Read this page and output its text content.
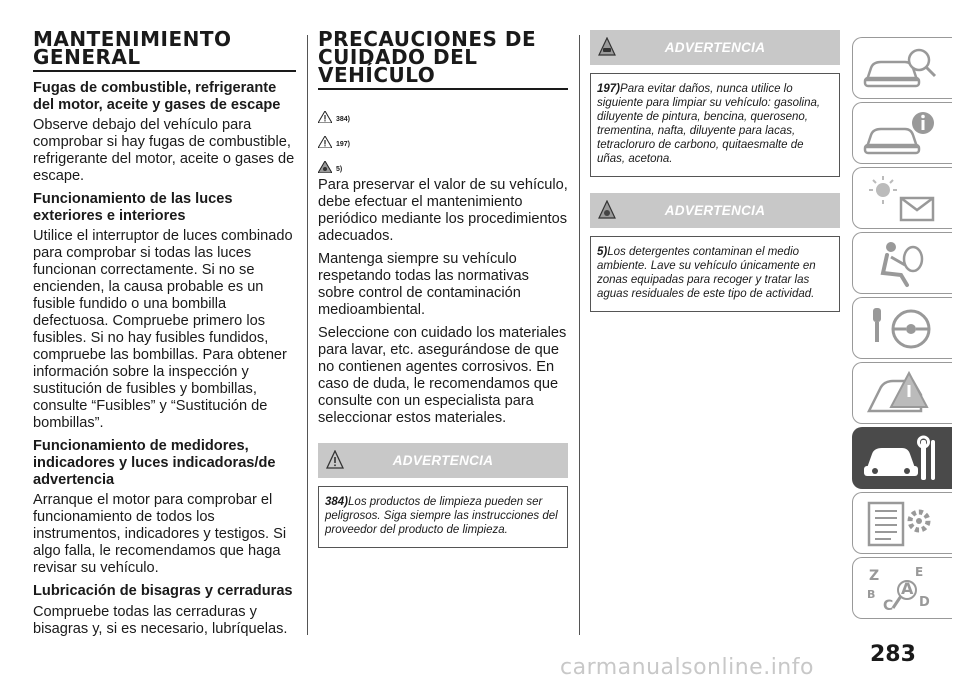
MANTENIMIENTO GENERAL
Fugas de combustible, refrigerante del motor, aceite y gases de escape
Observe debajo del vehículo para comprobar si hay fugas de combustible, refrigerante del motor, aceite o gases de escape.
Funcionamiento de las luces exteriores e interiores
Utilice el interruptor de luces combinado para comprobar si todas las luces funcionan correctamente. Si no se encienden, la causa probable es un fusible fundido o una bombilla defectuosa. Compruebe primero los fusibles. Si no hay fusibles fundidos, compruebe las bombillas. Para obtener información sobre la inspección y sustitución de fusibles y bombillas, consulte “Fusibles” y “Sustitución de bombillas”.
Funcionamiento de medidores, indicadores y luces indicadoras/de advertencia
Arranque el motor para comprobar el funcionamiento de todos los instrumentos, indicadores y testigos. Si algo falla, le recomendamos que haga revisar su vehículo.
Lubricación de bisagras y cerraduras
Compruebe todas las cerraduras y bisagras y, si es necesario, lubríquelas.
PRECAUCIONES DE CUIDADO DEL VEHÍCULO
384)
197)
5)
Para preservar el valor de su vehículo, debe efectuar el mantenimiento periódico mediante los procedimientos adecuados.
Mantenga siempre su vehículo respetando todas las normativas sobre control de contaminación medioambiental.
Seleccione con cuidado los materiales para lavar, etc. asegurándose de que no contienen agentes corrosivos. En caso de duda, le recomendamos que consulte con un especialista para seleccionar estos materiales.
ADVERTENCIA
384)Los productos de limpieza pueden ser peligrosos. Siga siempre las instrucciones del proveedor del producto de limpieza.
ADVERTENCIA
197)Para evitar daños, nunca utilice lo siguiente para limpiar su vehículo: gasolina, diluyente de pintura, bencina, queroseno, trementina, nafta, diluyente para lacas, tetracloruro de carbono, quitaesmalte de uñas, acetona.
ADVERTENCIA
5)Los detergentes contaminan el medio ambiente. Lave su vehículo únicamente en zonas equipadas para recoger y tratar las aguas residuales de este tipo de actividad.
Z	E
B A
C D
283
carmanualsonline.info
